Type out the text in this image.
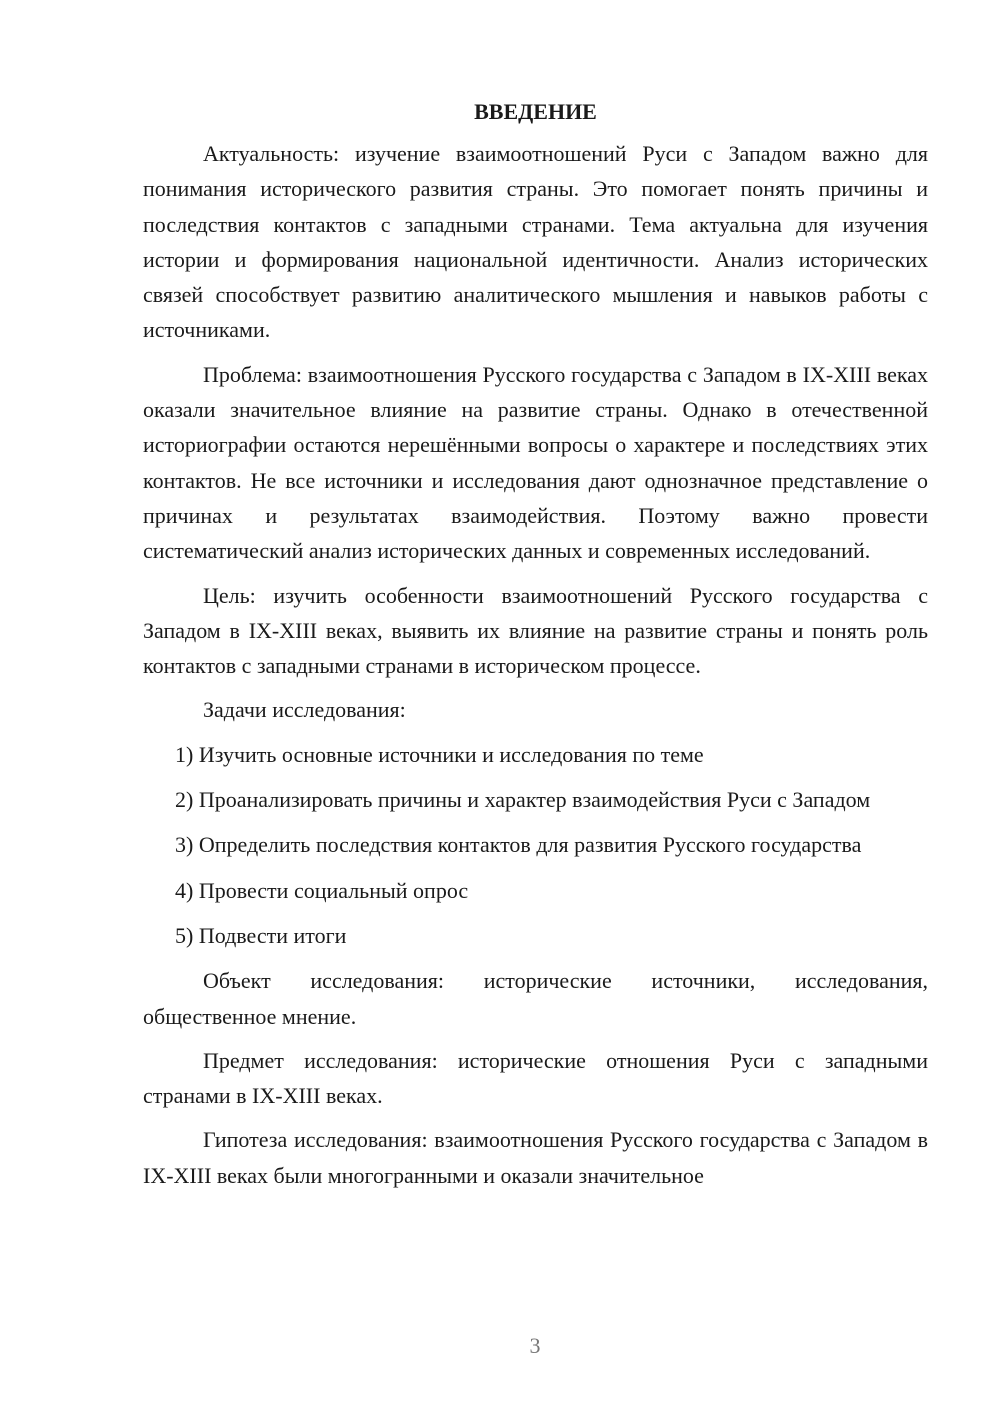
ВВЕДЕНИЕ

Актуальность: изучение взаимоотношений Руси с Западом важно для понимания исторического развития страны. Это помогает понять причины и последствия контактов с западными странами. Тема актуальна для изучения истории и формирования национальной идентичности. Анализ исторических связей способствует развитию аналитического мышления и навыков работы с источниками.

Проблема: взаимоотношения Русского государства с Западом в IX-XIII веках оказали значительное влияние на развитие страны. Однако в отечественной историографии остаются нерешёнными вопросы о характере и последствиях этих контактов. Не все источники и исследования дают однозначное представление о причинах и результатах взаимодействия. Поэтому важно провести систематический анализ исторических данных и современных исследований.

Цель: изучить особенности взаимоотношений Русского государства с Западом в IX-XIII веках, выявить их влияние на развитие страны и понять роль контактов с западными странами в историческом процессе.

Задачи исследования:

1) Изучить основные источники и исследования по теме

2) Проанализировать причины и характер взаимодействия Руси с Западом

3) Определить последствия контактов для развития Русского государства

4) Провести социальный опрос

5) Подвести итоги

Объект исследования: исторические источники, исследования, общественное мнение.

Предмет исследования: исторические отношения Руси с западными странами в IX-XIII веках.

Гипотеза исследования: взаимоотношения Русского государства с Западом в IX-XIII веках были многогранными и оказали значительное

3
